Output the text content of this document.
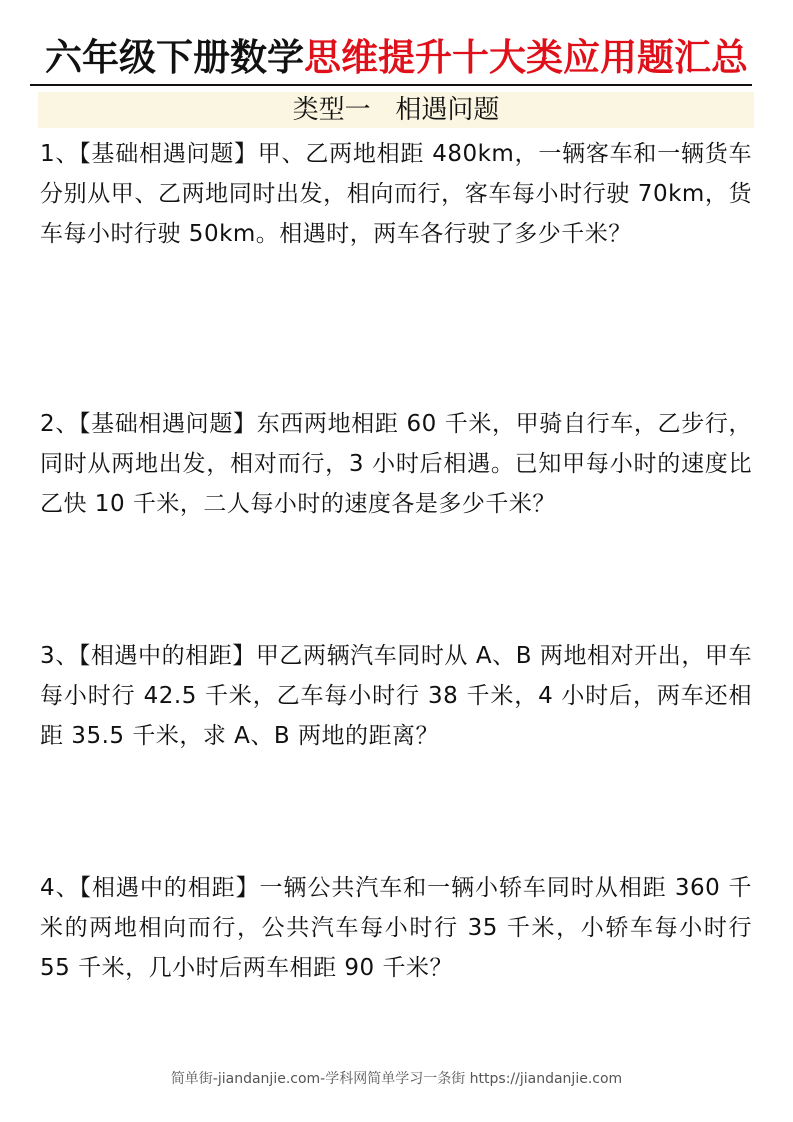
六年级下册数学思维提升十大类应用题汇总
类型一   相遇问题
1、【基础相遇问题】甲、乙两地相距 480km，一辆客车和一辆货车分别从甲、乙两地同时出发，相向而行，客车每小时行驶 70km，货车每小时行驶 50km。相遇时，两车各行驶了多少千米？
2、【基础相遇问题】东西两地相距 60 千米，甲骑自行车，乙步行，同时从两地出发，相对而行，3 小时后相遇。已知甲每小时的速度比乙快 10 千米，二人每小时的速度各是多少千米？
3、【相遇中的相距】甲乙两辆汽车同时从 A、B 两地相对开出，甲车每小时行 42.5 千米，乙车每小时行 38 千米，4 小时后，两车还相距 35.5 千米，求 A、B 两地的距离？
4、【相遇中的相距】一辆公共汽车和一辆小轿车同时从相距 360 千米的两地相向而行，公共汽车每小时行 35 千米，小轿车每小时行 55 千米，几小时后两车相距 90 千米？
简单街-jiandanjie.com-学科网简单学习一条街 https://jiandanjie.com
